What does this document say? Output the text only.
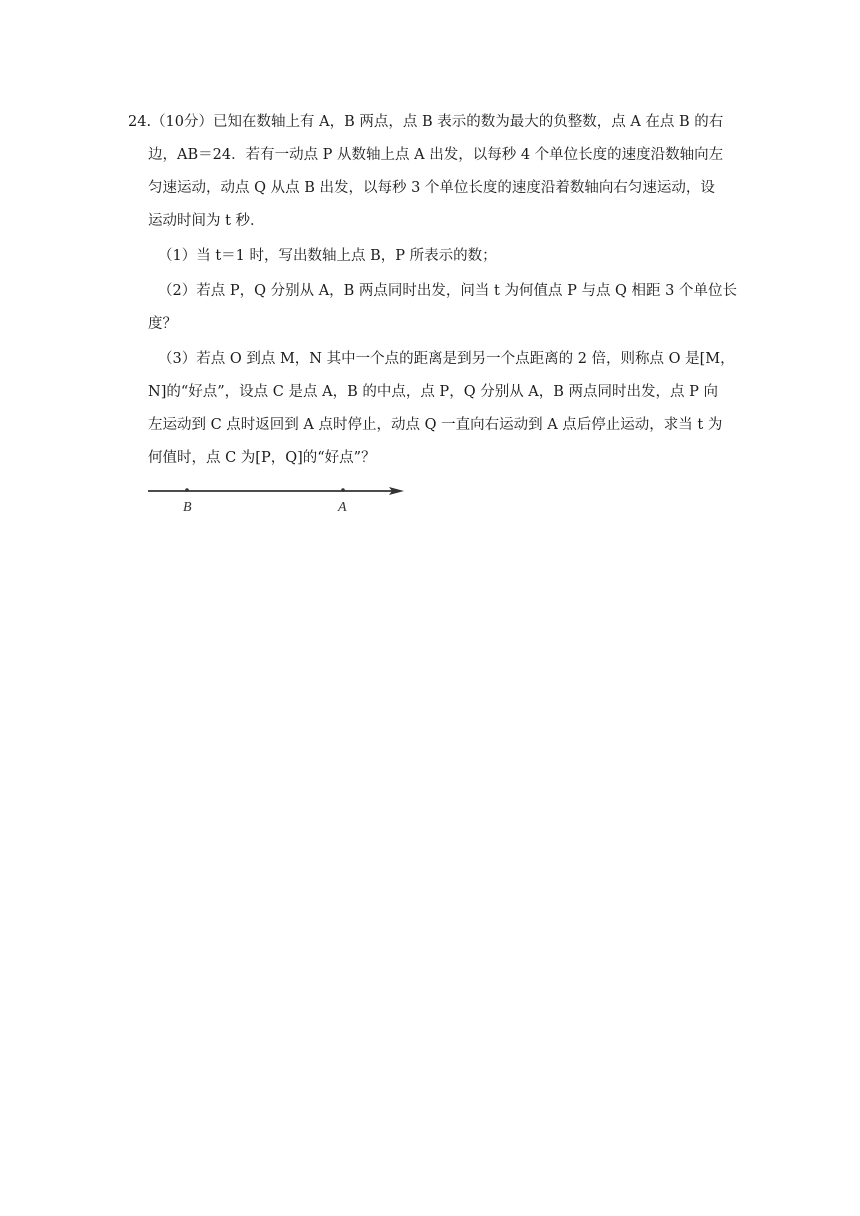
24.（10分）已知在数轴上有 A，B 两点，点 B 表示的数为最大的负整数，点 A 在点 B 的右
边，AB＝24．若有一动点 P 从数轴上点 A 出发，以每秒 4 个单位长度的速度沿数轴向左
匀速运动，动点 Q 从点 B 出发，以每秒 3 个单位长度的速度沿着数轴向右匀速运动，设
运动时间为 t 秒．
（1）当 t＝1 时，写出数轴上点 B，P 所表示的数；
（2）若点 P，Q 分别从 A，B 两点同时出发，问当 t 为何值点 P 与点 Q 相距 3 个单位长
度？
（3）若点 O 到点 M，N 其中一个点的距离是到另一个点距离的 2 倍，则称点 O 是[M，
N]的“好点”，设点 C 是点 A，B 的中点，点 P，Q 分别从 A，B 两点同时出发，点 P 向
左运动到 C 点时返回到 A 点时停止，动点 Q 一直向右运动到 A 点后停止运动，求当 t 为
何值时，点 C 为[P，Q]的“好点”？
B	A
